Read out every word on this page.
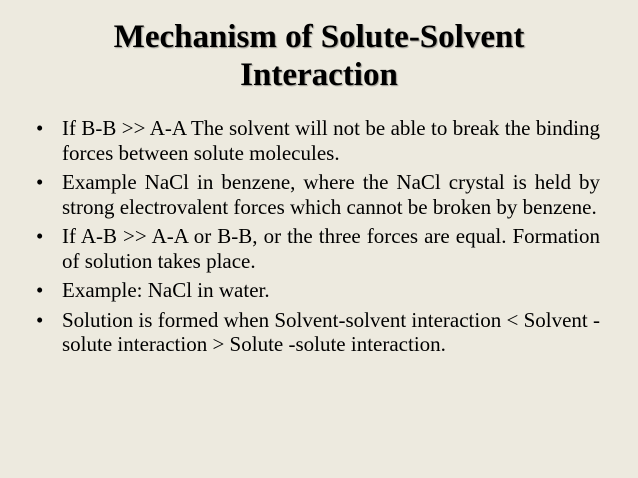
Mechanism of Solute-Solvent Interaction
• If B-B >> A-A The solvent will not be able to break the binding forces between solute molecules.
• Example NaCl in benzene, where the NaCl crystal is held by strong electrovalent forces which cannot be broken by benzene.
• If A-B >> A-A or B-B, or the three forces are equal. Formation of solution takes place.
• Example: NaCl in water.
• Solution is formed when Solvent-solvent interaction < Solvent -solute interaction > Solute -solute interaction.
